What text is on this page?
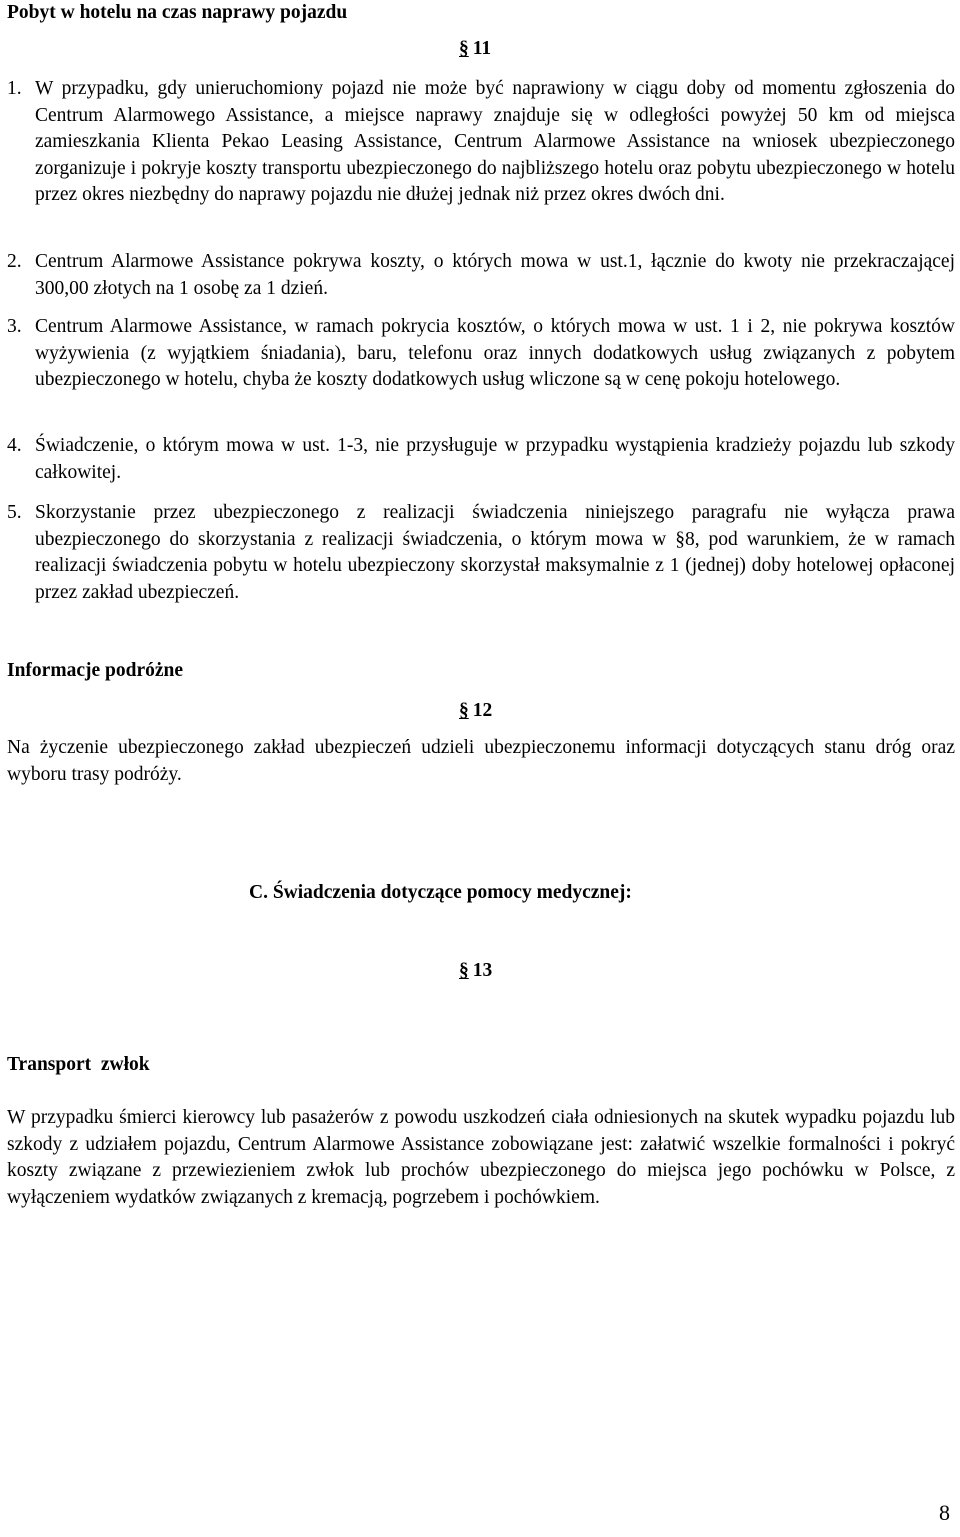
Pobyt w hotelu na czas naprawy pojazdu
§ 11
1. W przypadku, gdy unieruchomiony pojazd nie może być naprawiony w ciągu doby od momentu zgłoszenia do Centrum Alarmowego Assistance, a miejsce naprawy znajduje się w odległości powyżej 50 km od miejsca zamieszkania Klienta Pekao Leasing Assistance, Centrum Alarmowe Assistance na wniosek ubezpieczonego zorganizuje i pokryje koszty transportu ubezpieczonego do najbliższego hotelu oraz pobytu ubezpieczonego w hotelu przez okres niezbędny do naprawy pojazdu nie dłużej jednak niż przez okres dwóch dni.
2. Centrum Alarmowe Assistance pokrywa koszty, o których mowa w ust.1, łącznie do kwoty nie przekraczającej 300,00 złotych na 1 osobę za 1 dzień.
3. Centrum Alarmowe Assistance, w ramach pokrycia kosztów, o których mowa w ust. 1 i 2, nie pokrywa kosztów wyżywienia (z wyjątkiem śniadania), baru, telefonu oraz innych dodatkowych usług związanych z pobytem ubezpieczonego w hotelu, chyba że koszty dodatkowych usług wliczone są w cenę pokoju hotelowego.
4. Świadczenie, o którym mowa w ust. 1-3, nie przysługuje w przypadku wystąpienia kradzieży pojazdu lub szkody całkowitej.
5. Skorzystanie przez ubezpieczonego z realizacji świadczenia niniejszego paragrafu nie wyłącza prawa ubezpieczonego do skorzystania z realizacji świadczenia, o którym mowa w §8, pod warunkiem, że w ramach realizacji świadczenia pobytu w hotelu ubezpieczony skorzystał maksymalnie z 1 (jednej) doby hotelowej opłaconej przez zakład ubezpieczeń.
Informacje podróżne
§ 12
Na życzenie ubezpieczonego zakład ubezpieczeń udzieli ubezpieczonemu informacji dotyczących stanu dróg oraz wyboru trasy podróży.
C. Świadczenia dotyczące pomocy medycznej:
§ 13
Transport  zwłok
W przypadku śmierci kierowcy lub pasażerów z powodu uszkodzeń ciała odniesionych na skutek wypadku pojazdu lub szkody z udziałem pojazdu, Centrum Alarmowe Assistance zobowiązane jest: załatwić wszelkie formalności i pokryć koszty związane z przewiezieniem zwłok lub prochów ubezpieczonego do miejsca jego pochówku w Polsce, z wyłączeniem wydatków związanych z kremacją, pogrzebem i pochówkiem.
8
